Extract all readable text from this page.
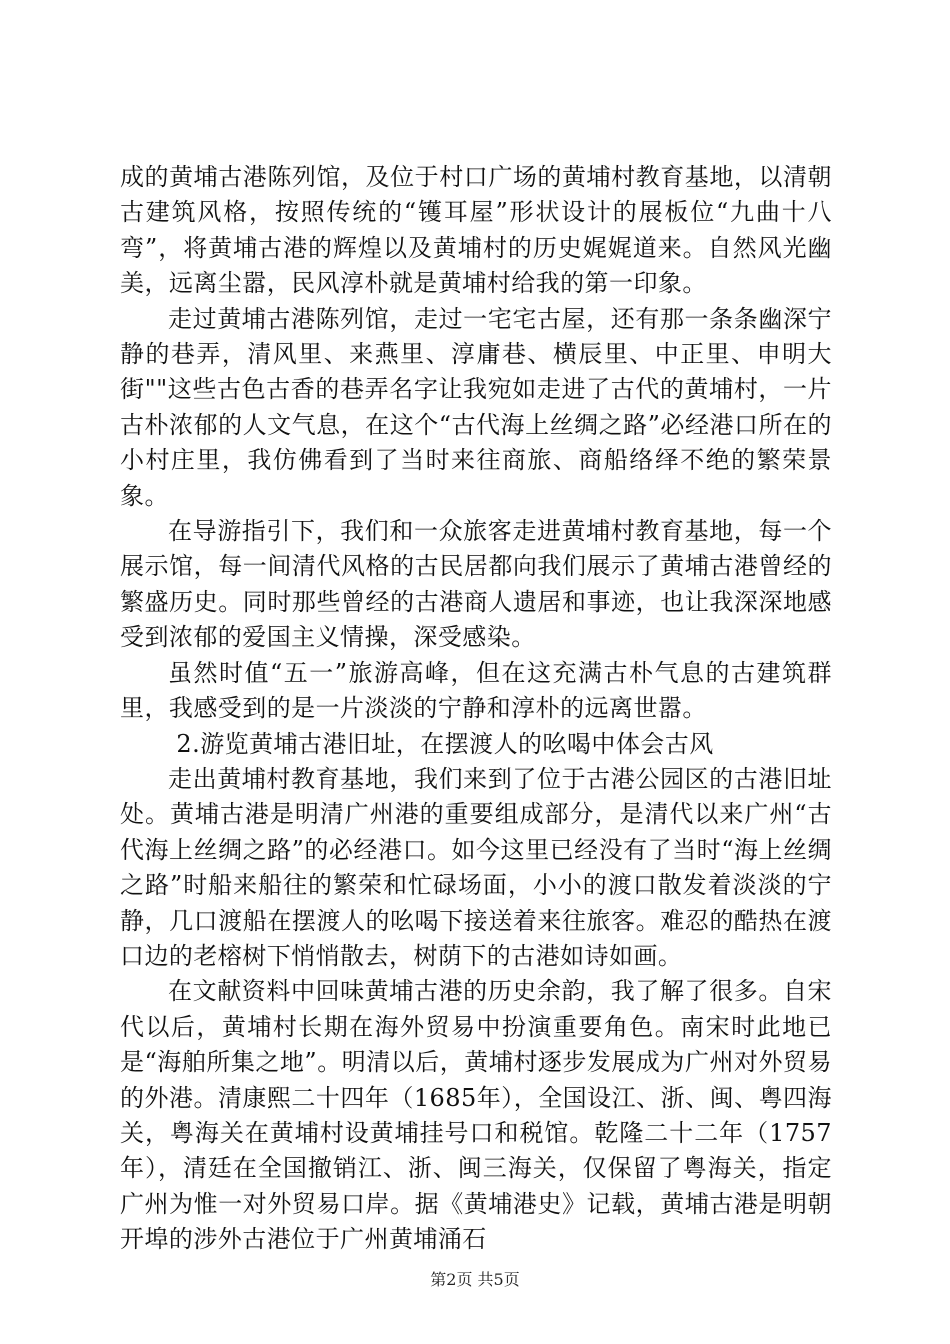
成的黄埔古港陈列馆，及位于村口广场的黄埔村教育基地，以清朝古建筑风格，按照传统的“镬耳屋”形状设计的展板位“九曲十八弯”，将黄埔古港的辉煌以及黄埔村的历史娓娓道来。自然风光幽美，远离尘嚣，民风淳朴就是黄埔村给我的第一印象。

走过黄埔古港陈列馆，走过一宅宅古屋，还有那一条条幽深宁静的巷弄，清风里、来燕里、淳庸巷、横辰里、中正里、申明大街""这些古色古香的巷弄名字让我宛如走进了古代的黄埔村，一片古朴浓郁的人文气息，在这个“古代海上丝绸之路”必经港口所在的小村庄里，我仿佛看到了当时来往商旅、商船络绎不绝的繁荣景象。

在导游指引下，我们和一众旅客走进黄埔村教育基地，每一个展示馆，每一间清代风格的古民居都向我们展示了黄埔古港曾经的繁盛历史。同时那些曾经的古港商人遗居和事迹，也让我深深地感受到浓郁的爱国主义情操，深受感染。

虽然时值“五一”旅游高峰，但在这充满古朴气息的古建筑群里，我感受到的是一片淡淡的宁静和淳朴的远离世嚣。

2.游览黄埔古港旧址，在摆渡人的吆喝中体会古风

走出黄埔村教育基地，我们来到了位于古港公园区的古港旧址处。黄埔古港是明清广州港的重要组成部分，是清代以来广州“古代海上丝绸之路”的必经港口。如今这里已经没有了当时“海上丝绸之路”时船来船往的繁荣和忙碌场面，小小的渡口散发着淡淡的宁静，几口渡船在摆渡人的吆喝下接送着来往旅客。难忍的酷热在渡口边的老榕树下悄悄散去，树荫下的古港如诗如画。

在文献资料中回味黄埔古港的历史余韵，我了解了很多。自宋代以后，黄埔村长期在海外贸易中扮演重要角色。南宋时此地已是“海舶所集之地”。明清以后，黄埔村逐步发展成为广州对外贸易的外港。清康熙二十四年（1685年），全国设江、浙、闽、粤四海关，粤海关在黄埔村设黄埔挂号口和税馆。乾隆二十二年（1757年），清廷在全国撤销江、浙、闽三海关，仅保留了粤海关，指定广州为惟一对外贸易口岸。据《黄埔港史》记载，黄埔古港是明朝开埠的涉外古港位于广州黄埔涌石

第2页 共5页
